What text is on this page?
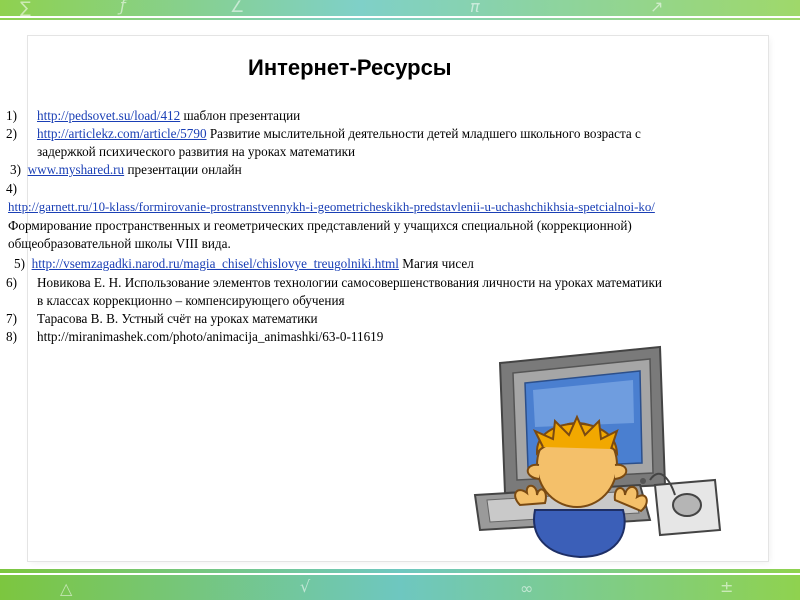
∑	ƒ	∠	π	↗
△	√	∞	±
Интернет-Ресурсы
1) http://pedsovet.su/load/412 шаблон презентации
2) http://articlekz.com/article/5790 Развитие мыслительной деятельности детей младшего школьного возраста с
задержкой психического развития на уроках математики
3) www.myshared.ru презентации онлайн
4)
http://garnett.ru/10-klass/formirovanie-prostranstvennykh-i-geometricheskikh-predstavlenii-u-uchashchikhsia-spetcialnoi-ko/
Формирование пространственных и геометрических представлений у учащихся специальной (коррекционной)
общеобразовательной школы VIII вида.
5) http://vsemzagadki.narod.ru/magia_chisel/chislovye_treugolniki.html Магия чисел
6) Новикова Е. Н. Использование элементов технологии самосовершенствования личности на уроках математики
в классах коррекционно – компенсирующего обучения
7) Тарасова В. В. Устный счёт на уроках математики
8) http://miranimashek.com/photo/animacija_animashki/63-0-11619
